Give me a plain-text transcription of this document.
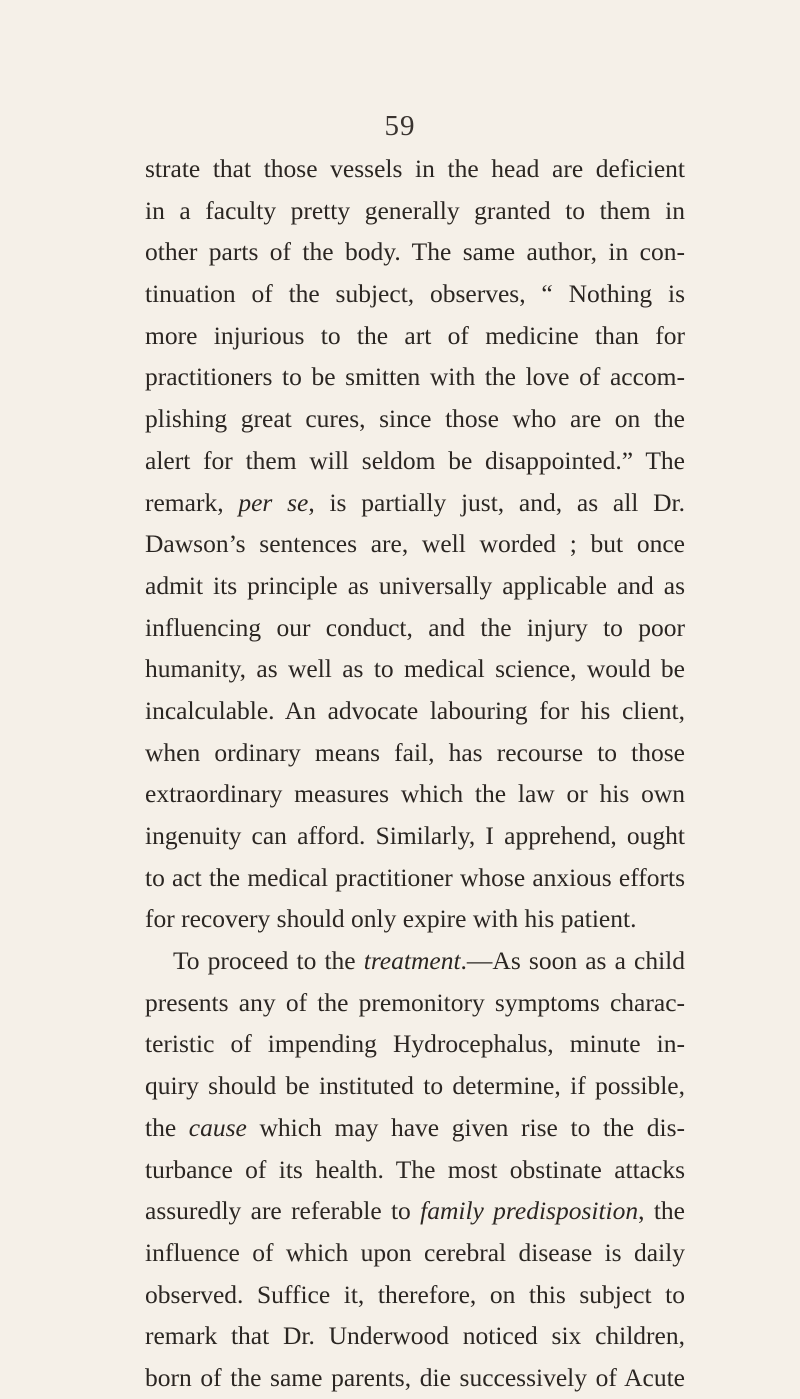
59
strate that those vessels in the head are deficient
in a faculty pretty generally granted to them in
other parts of the body. The same author, in con-
tinuation of the subject, observes, “ Nothing is
more injurious to the art of medicine than for
practitioners to be smitten with the love of accom-
plishing great cures, since those who are on the
alert for them will seldom be disappointed.” The
remark, per se, is partially just, and, as all Dr.
Dawson’s sentences are, well worded ; but once
admit its principle as universally applicable and as
influencing our conduct, and the injury to poor
humanity, as well as to medical science, would be
incalculable. An advocate labouring for his client,
when ordinary means fail, has recourse to those
extraordinary measures which the law or his own
ingenuity can afford. Similarly, I apprehend, ought
to act the medical practitioner whose anxious efforts
for recovery should only expire with his patient.
To proceed to the treatment.—As soon as a child
presents any of the premonitory symptoms charac-
teristic of impending Hydrocephalus, minute in-
quiry should be instituted to determine, if possible,
the cause which may have given rise to the dis-
turbance of its health. The most obstinate attacks
assuredly are referable to family predisposition, the
influence of which upon cerebral disease is daily
observed. Suffice it, therefore, on this subject to
remark that Dr. Underwood noticed six children,
born of the same parents, die successively of Acute
